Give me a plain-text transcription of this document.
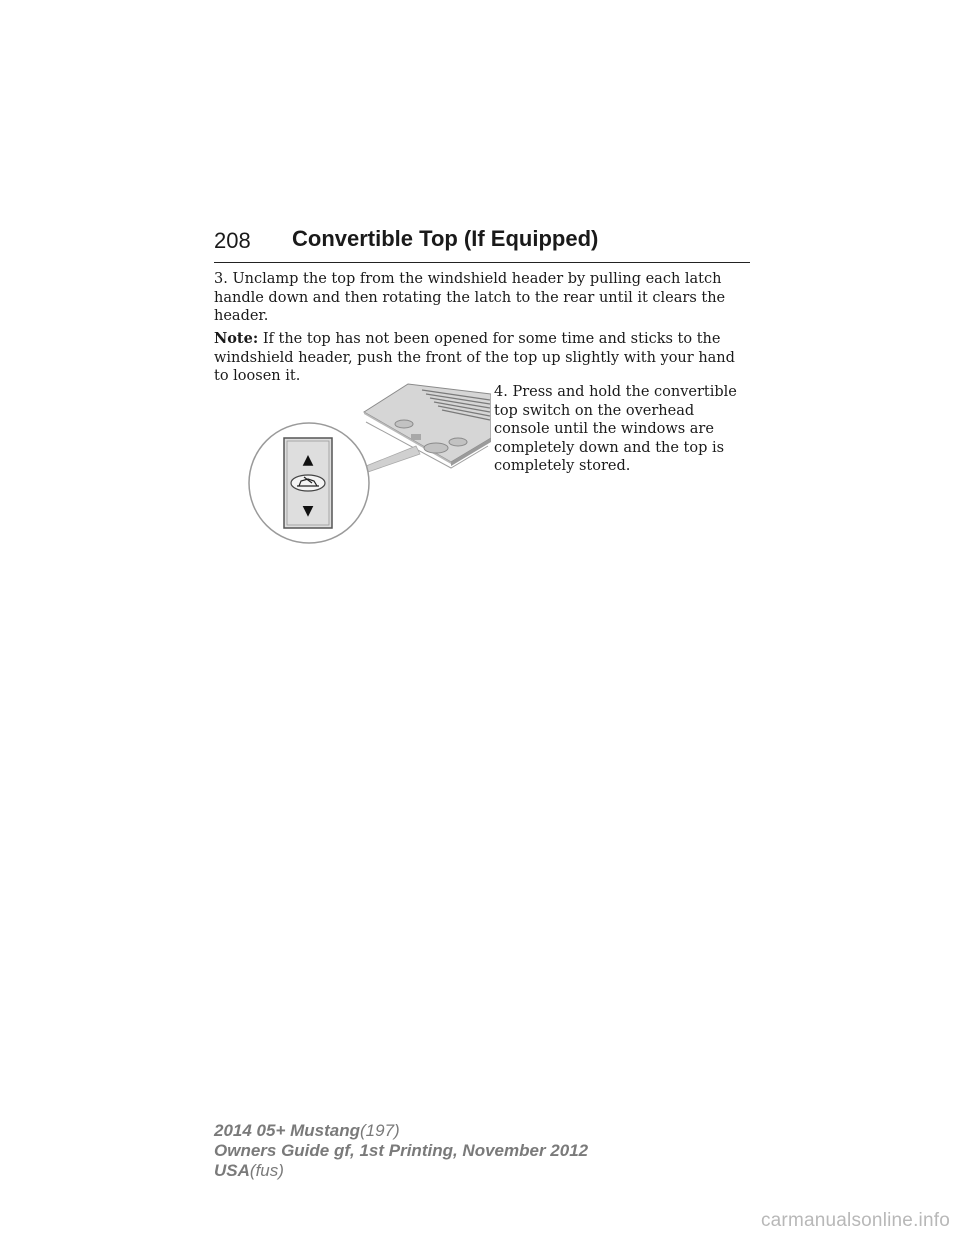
208 Convertible Top (If Equipped)

3. Unclamp the top from the windshield header by pulling each latch handle down and then rotating the latch to the rear until it clears the header.

Note: If the top has not been opened for some time and sticks to the windshield header, push the front of the top up slightly with your hand to loosen it.

4. Press and hold the convertible top switch on the overhead console until the windows are completely down and the top is completely stored.

▲
▼
2014 05+ Mustang(197)
Owners Guide gf, 1st Printing, November 2012
USA(fus)
carmanualsonline.info
